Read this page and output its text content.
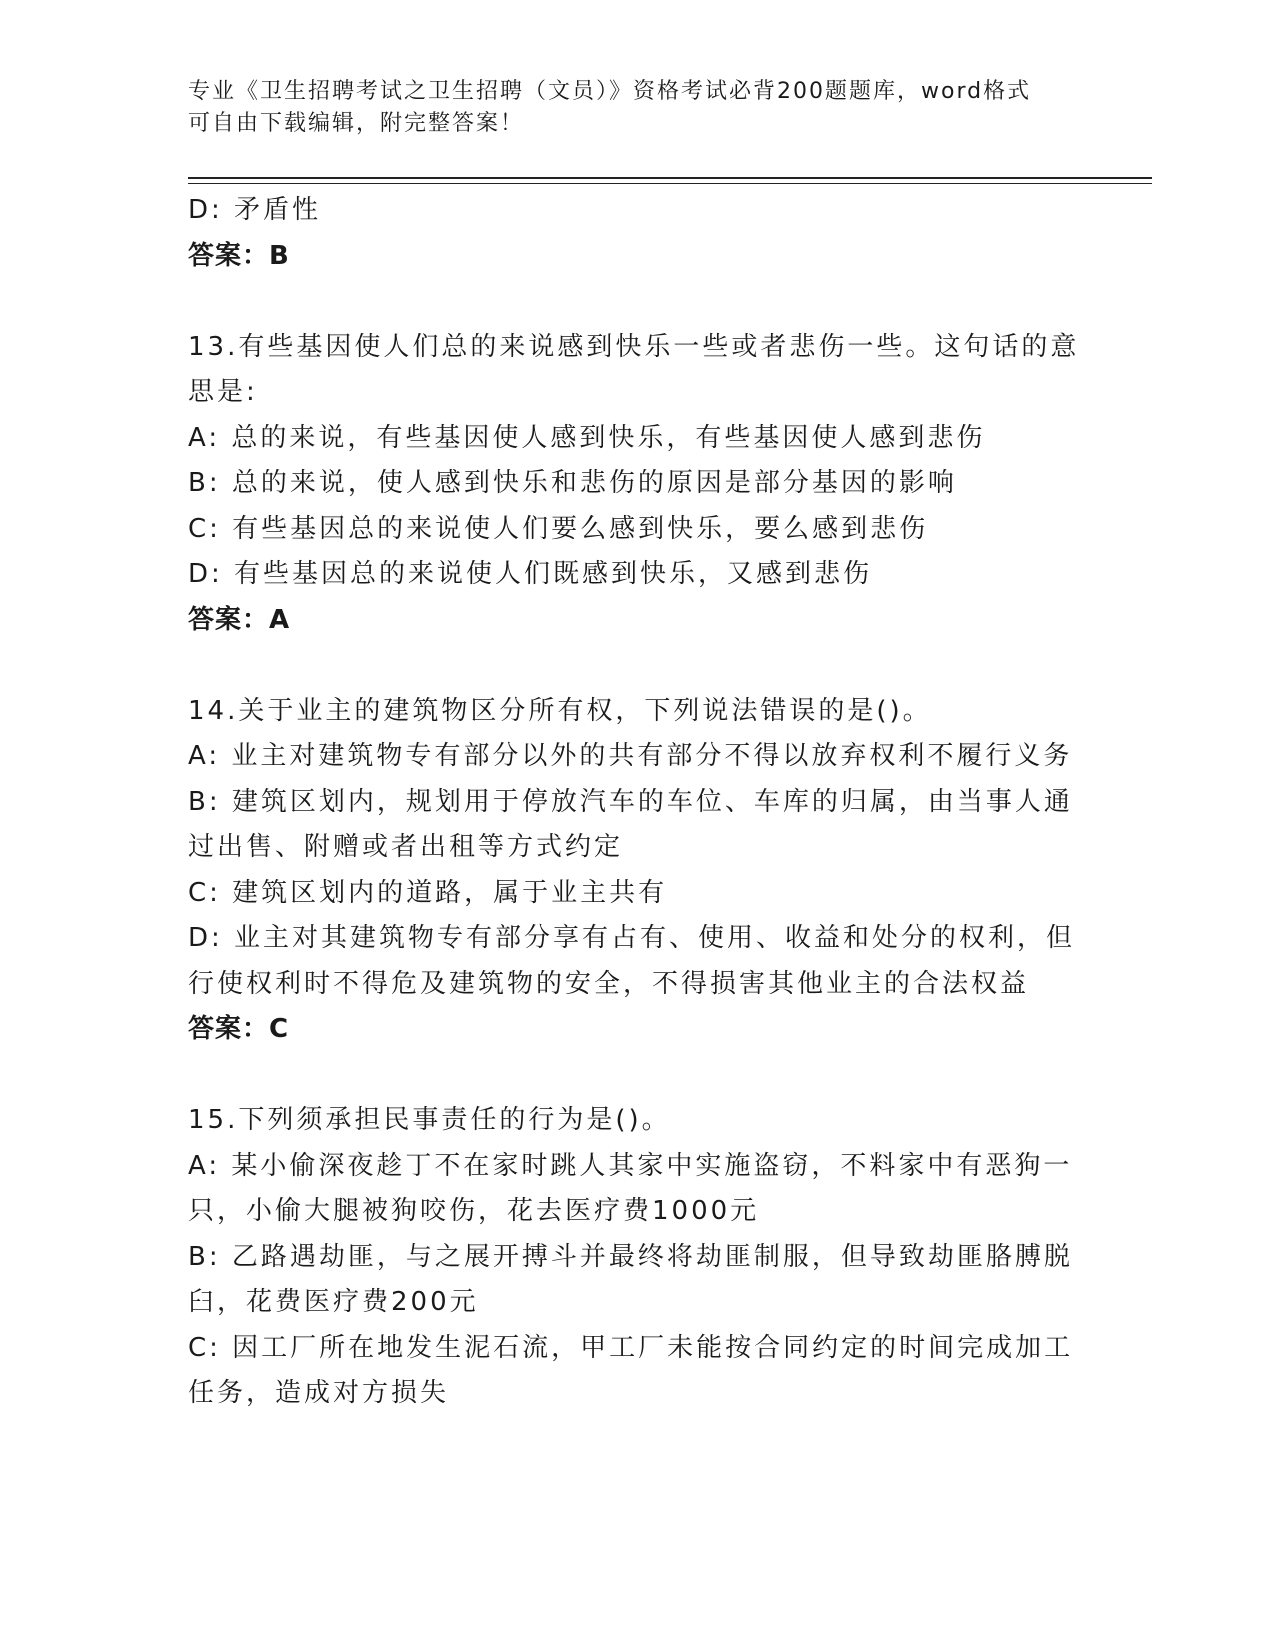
专业《卫生招聘考试之卫生招聘（文员）》资格考试必背200题题库，word格式
可自由下载编辑，附完整答案！

D: 矛盾性

答案：B

13.有些基因使人们总的来说感到快乐一些或者悲伤一些。这句话的意

思是:

A: 总的来说，有些基因使人感到快乐，有些基因使人感到悲伤

B: 总的来说，使人感到快乐和悲伤的原因是部分基因的影响

C: 有些基因总的来说使人们要么感到快乐，要么感到悲伤

D: 有些基因总的来说使人们既感到快乐，又感到悲伤

答案：A

14.关于业主的建筑物区分所有权，下列说法错误的是()。

A: 业主对建筑物专有部分以外的共有部分不得以放弃权利不履行义务

B: 建筑区划内，规划用于停放汽车的车位、车库的归属，由当事人通

过出售、附赠或者出租等方式约定

C: 建筑区划内的道路，属于业主共有

D: 业主对其建筑物专有部分享有占有、使用、收益和处分的权利，但

行使权利时不得危及建筑物的安全，不得损害其他业主的合法权益

答案：C

15.下列须承担民事责任的行为是()。

A: 某小偷深夜趁丁不在家时跳人其家中实施盗窃，不料家中有恶狗一

只，小偷大腿被狗咬伤，花去医疗费1000元

B: 乙路遇劫匪，与之展开搏斗并最终将劫匪制服，但导致劫匪胳膊脱

臼，花费医疗费200元

C: 因工厂所在地发生泥石流，甲工厂未能按合同约定的时间完成加工

任务，造成对方损失
